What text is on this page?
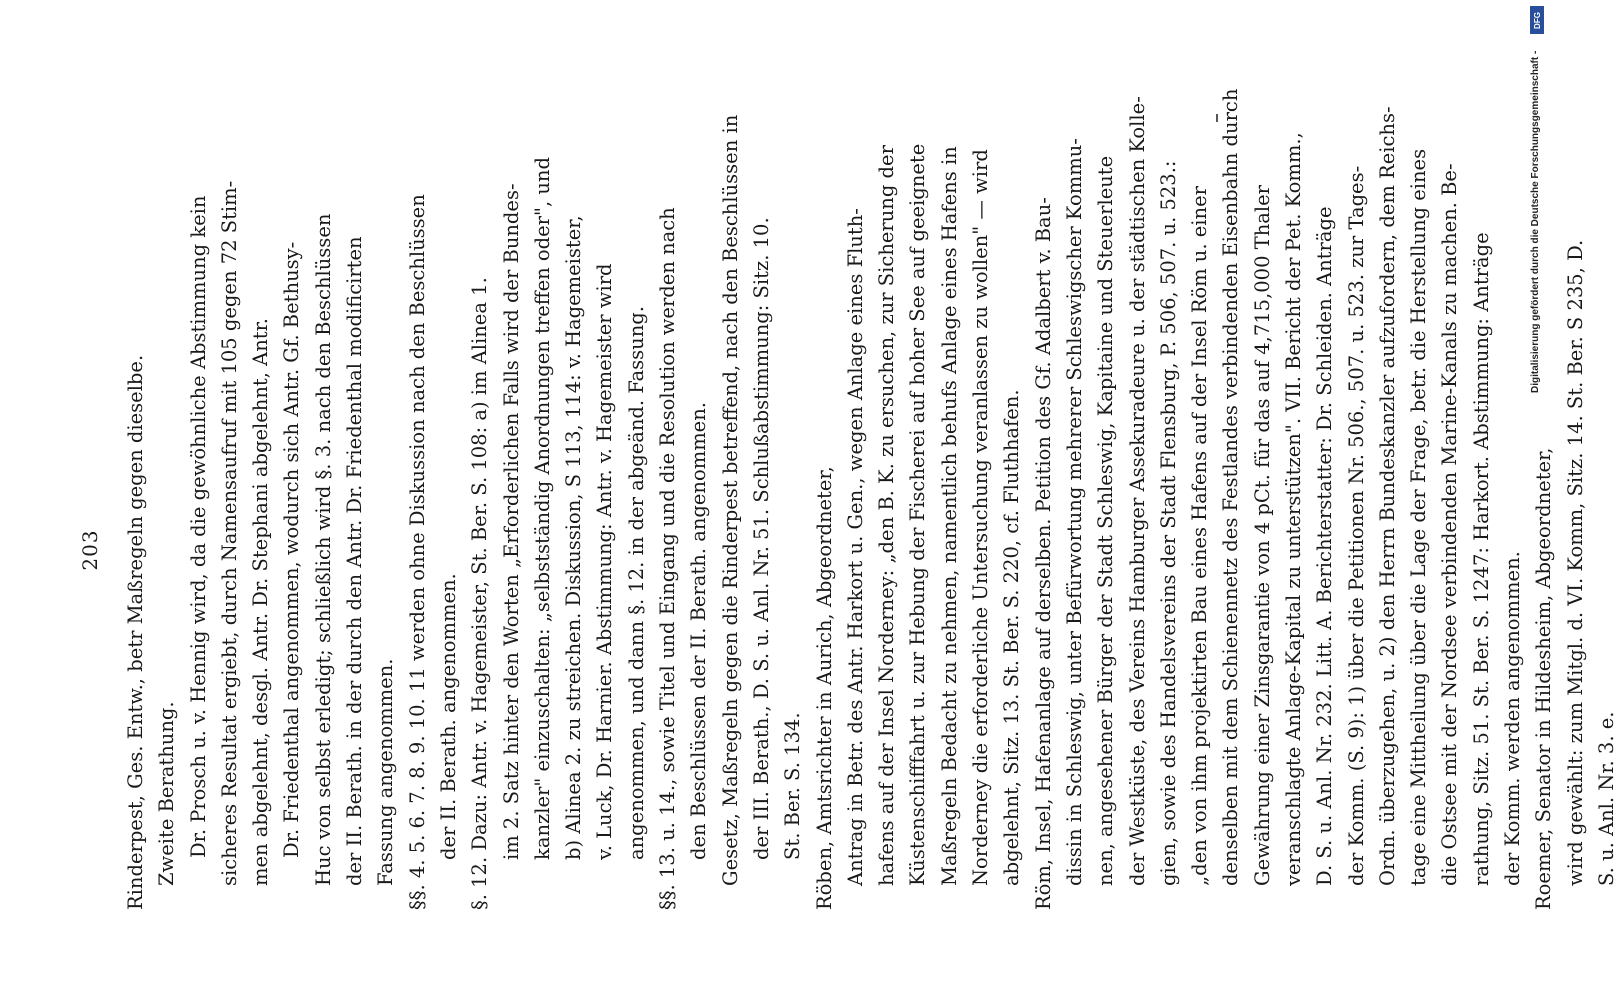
203 Rinderpest, Ges. Entw., betr Maßregeln gegen dieselbe. Zweite Berathung. Dr. Prosch u. v. Hennig wird, da die gewöhnliche Abstimmung kein sicheres Resultat ergiebt, durch Namensaufruf mit 105 gegen 72 Stim- men abgelehnt, desgl. Antr. Dr. Stephani abgelehnt, Antr. Dr. Friedenthal angenommen, wodurch sich Antr. Gf. Bethusy- Huc von selbst erledigt; schließlich wird §. 3. nach den Beschlüssen der II. Berath. in der durch den Antr. Dr. Friedenthal modificirten Fassung angenommen. §§. 4. 5. 6. 7. 8. 9. 10. 11 werden ohne Diskussion nach den Beschlüssen der II. Berath. angenommen. §. 12. Dazu: Antr. v. Hagemeister, St. Ber. S. 108: a) im Alinea 1. im 2. Satz hinter den Worten „Erforderlichen Falls wird der Bundes- kanzler" einzuschalten: „selbstständig Anordnungen treffen oder", und b) Alinea 2. zu streichen. Diskussion, S 113, 114: v. Hagemeister, v. Luck, Dr. Harnier. Abstimmung: Antr. v. Hagemeister wird angenommen, und dann §. 12. in der abgeänd. Fassung. §§. 13. u. 14., sowie Titel und Eingang und die Resolution werden nach den Beschlüssen der II. Berath. angenommen. Gesetz, Maßregeln gegen die Rinderpest betreffend, nach den Beschlüssen in der III. Berath., D. S. u. Anl. Nr. 51. Schlußabstimmung: Sitz. 10. St. Ber. S. 134. Röben, Amtsrichter in Aurich, Abgeordneter, Antrag in Betr. des Antr. Harkort u. Gen., wegen Anlage eines Fluth- hafens auf der Insel Norderney: „den B. K. zu ersuchen, zur Sicherung der Küstenschifffahrt u. zur Hebung der Fischerei auf hoher See auf geeignete Maßregeln Bedacht zu nehmen, namentlich behufs Anlage eines Hafens in Norderney die erforderliche Untersuchung veranlassen zu wollen" — wird abgelehnt, Sitz. 13. St. Ber. S. 220, cf. Fluthhafen. Röm, Insel, Hafenanlage auf derselben. Petition des Gf. Adalbert v. Bau- dissin in Schleswig, unter Befürwortung mehrerer Schleswigscher Kommu- nen, angesehener Bürger der Stadt Schleswig, Kapitaine und Steuerleute der Westküste, des Vereins Hamburger Assekuradeure u. der städtischen Kolle- gien, sowie des Handelsvereins der Stadt Flensburg, P. 506, 507. u. 523.: „den von ihm projektirten Bau eines Hafens auf der Insel Röm u. einer denselben mit dem Schienennetz des Festlandes verbindenden Eisenbahn durch Gewährung einer Zinsgarantie von 4 pCt. für das auf 4,715,000 Thaler veranschlagte Anlage-Kapital zu unterstützen". VII. Bericht der Pet. Komm., D. S. u. Anl. Nr. 232. Litt. A. Berichterstatter: Dr. Schleiden. Anträge der Komm. (S. 9): 1) über die Petitionen Nr. 506., 507. u. 523. zur Tages- Ordn. überzugehen, u. 2) den Herrn Bundeskanzler aufzufordern, dem Reichs- tage eine Mittheilung über die Lage der Frage, betr. die Herstellung eines die Ostsee mit der Nordsee verbindenden Marine-Kanals zu machen. Be- rathung, Sitz. 51. St. Ber. S. 1247: Harkort. Abstimmung: Anträge der Komm. werden angenommen. Roemer, Senator in Hildesheim, Abgeordneter, wird gewählt: zum Mitgl. d. VI. Komm, Sitz. 14. St. Ber. S 235, D. S. u. Anl. Nr. 3. e.
DFG
Digitalisierung gefördert durch die Deutsche Forschungsgemeinschaft -
